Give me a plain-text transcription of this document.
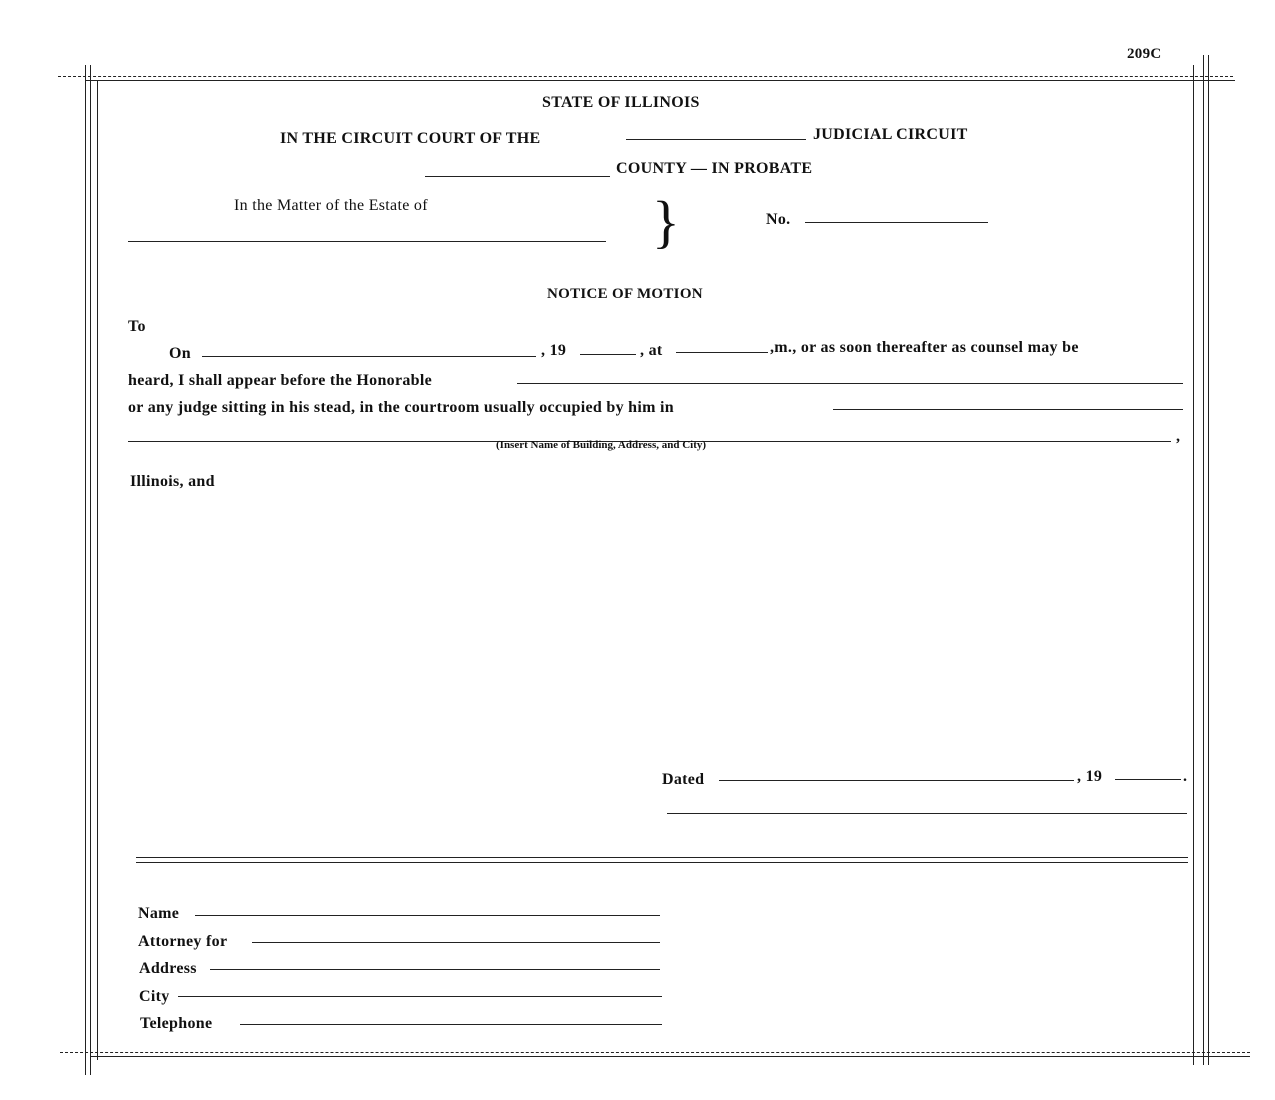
209C
STATE OF ILLINOIS
IN THE CIRCUIT COURT OF THE	JUDICIAL CIRCUIT
COUNTY — IN PROBATE
In the Matter of the Estate of	}	No.
NOTICE OF MOTION
To
On	, 19	, at	,m., or as soon thereafter as counsel may be
heard, I shall appear before the Honorable
or any judge sitting in his stead, in the courtroom usually occupied by him in
,
(Insert Name of Building, Address, and City)
Illinois, and
Dated	, 19	.
Name
Attorney for
Address
City
Telephone
